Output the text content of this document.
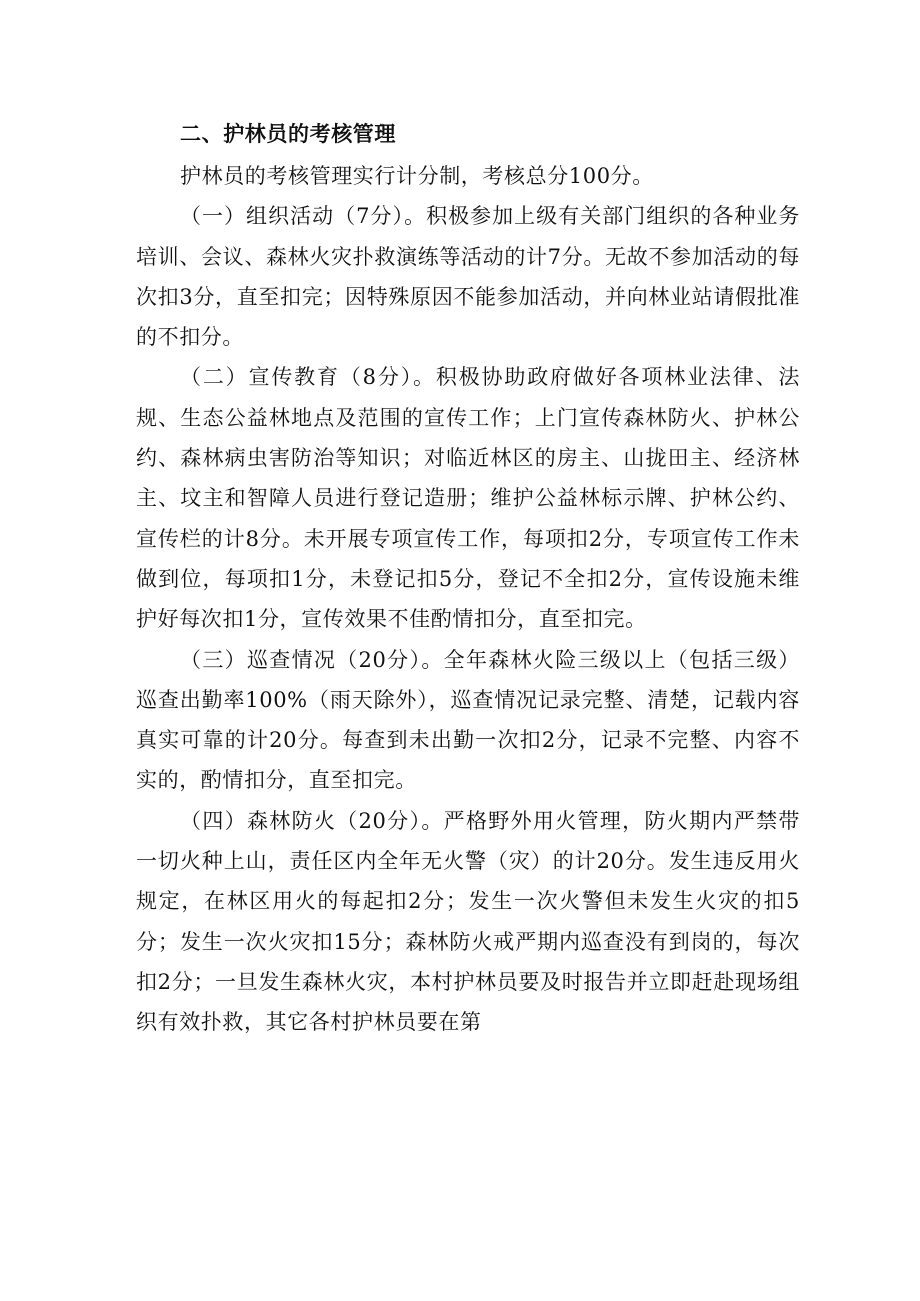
二、护林员的考核管理

护林员的考核管理实行计分制，考核总分100分。

（一）组织活动（7分）。积极参加上级有关部门组织的各种业务培训、会议、森林火灾扑救演练等活动的计7分。无故不参加活动的每次扣3分，直至扣完；因特殊原因不能参加活动，并向林业站请假批准的不扣分。

（二）宣传教育（8分）。积极协助政府做好各项林业法律、法规、生态公益林地点及范围的宣传工作；上门宣传森林防火、护林公约、森林病虫害防治等知识；对临近林区的房主、山拢田主、经济林主、坟主和智障人员进行登记造册；维护公益林标示牌、护林公约、宣传栏的计8分。未开展专项宣传工作，每项扣2分，专项宣传工作未做到位，每项扣1分，未登记扣5分，登记不全扣2分，宣传设施未维护好每次扣1分，宣传效果不佳酌情扣分，直至扣完。

（三）巡查情况（20分）。全年森林火险三级以上（包括三级）巡查出勤率100%（雨天除外），巡查情况记录完整、清楚，记载内容真实可靠的计20分。每查到未出勤一次扣2分，记录不完整、内容不实的，酌情扣分，直至扣完。

（四）森林防火（20分）。严格野外用火管理，防火期内严禁带一切火种上山，责任区内全年无火警（灾）的计20分。发生违反用火规定，在林区用火的每起扣2分；发生一次火警但未发生火灾的扣5分；发生一次火灾扣15分；森林防火戒严期内巡查没有到岗的，每次扣2分；一旦发生森林火灾，本村护林员要及时报告并立即赶赴现场组织有效扑救，其它各村护林员要在第
